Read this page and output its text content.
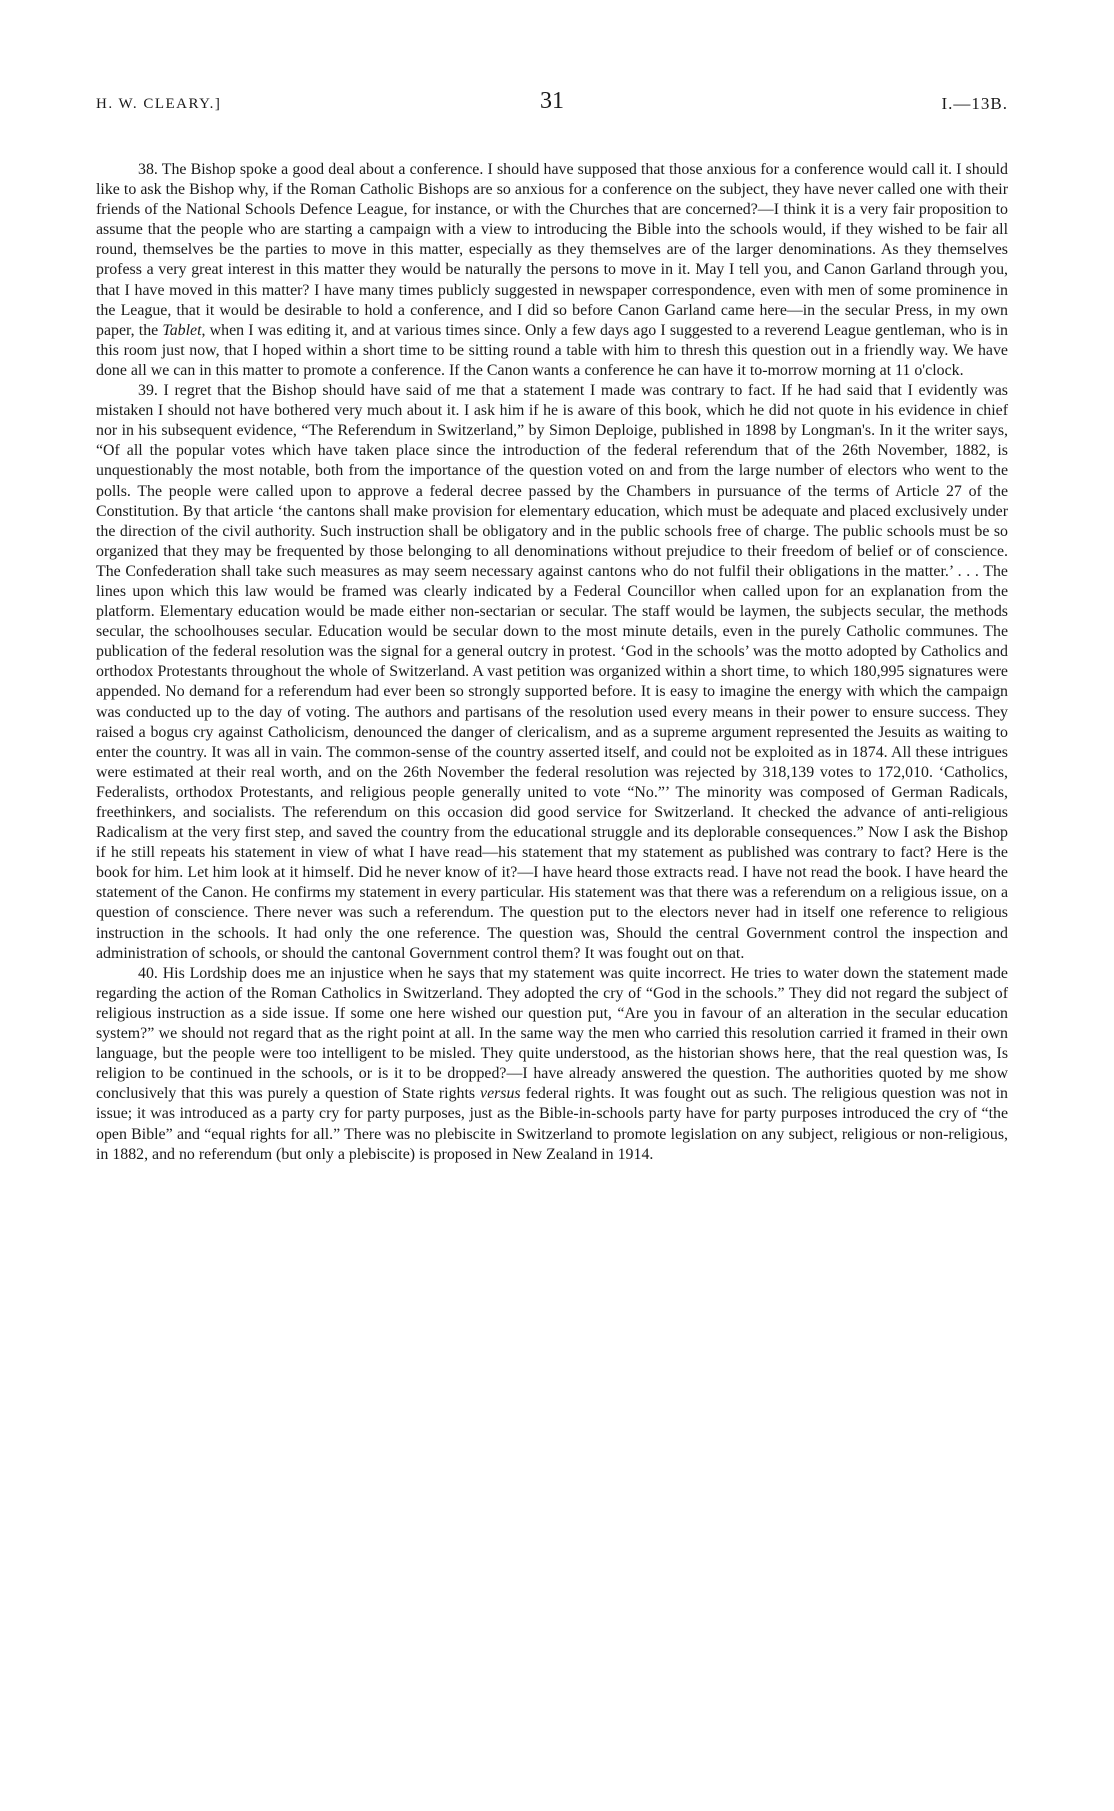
H. W. CLEARY.]	31	I.—13B.

38. The Bishop spoke a good deal about a conference. I should have supposed that those anxious for a conference would call it. I should like to ask the Bishop why, if the Roman Catholic Bishops are so anxious for a conference on the subject, they have never called one with their friends of the National Schools Defence League, for instance, or with the Churches that are concerned?—I think it is a very fair proposition to assume that the people who are starting a campaign with a view to introducing the Bible into the schools would, if they wished to be fair all round, themselves be the parties to move in this matter, especially as they themselves are of the larger denominations. As they themselves profess a very great interest in this matter they would be naturally the persons to move in it. May I tell you, and Canon Garland through you, that I have moved in this matter? I have many times publicly suggested in newspaper correspondence, even with men of some prominence in the League, that it would be desirable to hold a conference, and I did so before Canon Garland came here—in the secular Press, in my own paper, the Tablet, when I was editing it, and at various times since. Only a few days ago I suggested to a reverend League gentleman, who is in this room just now, that I hoped within a short time to be sitting round a table with him to thresh this question out in a friendly way. We have done all we can in this matter to promote a conference. If the Canon wants a conference he can have it to-morrow morning at 11 o'clock.

39. I regret that the Bishop should have said of me that a statement I made was contrary to fact. If he had said that I evidently was mistaken I should not have bothered very much about it. I ask him if he is aware of this book, which he did not quote in his evidence in chief nor in his subsequent evidence, “The Referendum in Switzerland,” by Simon Deploige, published in 1898 by Longman's. In it the writer says, “Of all the popular votes which have taken place since the introduction of the federal referendum that of the 26th November, 1882, is unquestionably the most notable, both from the importance of the question voted on and from the large number of electors who went to the polls. The people were called upon to approve a federal decree passed by the Chambers in pursuance of the terms of Article 27 of the Constitution. By that article ‘the cantons shall make provision for elementary education, which must be adequate and placed exclusively under the direction of the civil authority. Such instruction shall be obligatory and in the public schools free of charge. The public schools must be so organized that they may be frequented by those belonging to all denominations without prejudice to their freedom of belief or of conscience. The Confederation shall take such measures as may seem necessary against cantons who do not fulfil their obligations in the matter.’ . . . The lines upon which this law would be framed was clearly indicated by a Federal Councillor when called upon for an explanation from the platform. Elementary education would be made either non-sectarian or secular. The staff would be laymen, the subjects secular, the methods secular, the schoolhouses secular. Education would be secular down to the most minute details, even in the purely Catholic communes. The publication of the federal resolution was the signal for a general outcry in protest. ‘God in the schools’ was the motto adopted by Catholics and orthodox Protestants throughout the whole of Switzerland. A vast petition was organized within a short time, to which 180,995 signatures were appended. No demand for a referendum had ever been so strongly supported before. It is easy to imagine the energy with which the campaign was conducted up to the day of voting. The authors and partisans of the resolution used every means in their power to ensure success. They raised a bogus cry against Catholicism, denounced the danger of clericalism, and as a supreme argument represented the Jesuits as waiting to enter the country. It was all in vain. The common-sense of the country asserted itself, and could not be exploited as in 1874. All these intrigues were estimated at their real worth, and on the 26th November the federal resolution was rejected by 318,139 votes to 172,010. ‘Catholics, Federalists, orthodox Protestants, and religious people generally united to vote “No.”’ The minority was composed of German Radicals, freethinkers, and socialists. The referendum on this occasion did good service for Switzerland. It checked the advance of anti-religious Radicalism at the very first step, and saved the country from the educational struggle and its deplorable consequences.” Now I ask the Bishop if he still repeats his statement in view of what I have read—his statement that my statement as published was contrary to fact? Here is the book for him. Let him look at it himself. Did he never know of it?—I have heard those extracts read. I have not read the book. I have heard the statement of the Canon. He confirms my statement in every particular. His statement was that there was a referendum on a religious issue, on a question of conscience. There never was such a referendum. The question put to the electors never had in itself one reference to religious instruction in the schools. It had only the one reference. The question was, Should the central Government control the inspection and administration of schools, or should the cantonal Government control them? It was fought out on that.

40. His Lordship does me an injustice when he says that my statement was quite incorrect. He tries to water down the statement made regarding the action of the Roman Catholics in Switzerland. They adopted the cry of “God in the schools.” They did not regard the subject of religious instruction as a side issue. If some one here wished our question put, “Are you in favour of an alteration in the secular education system?” we should not regard that as the right point at all. In the same way the men who carried this resolution carried it framed in their own language, but the people were too intelligent to be misled. They quite understood, as the historian shows here, that the real question was, Is religion to be continued in the schools, or is it to be dropped?—I have already answered the question. The authorities quoted by me show conclusively that this was purely a question of State rights versus federal rights. It was fought out as such. The religious question was not in issue; it was introduced as a party cry for party purposes, just as the Bible-in-schools party have for party purposes introduced the cry of “the open Bible” and “equal rights for all.” There was no plebiscite in Switzerland to promote legislation on any subject, religious or non-religious, in 1882, and no referendum (but only a plebiscite) is proposed in New Zealand in 1914.
